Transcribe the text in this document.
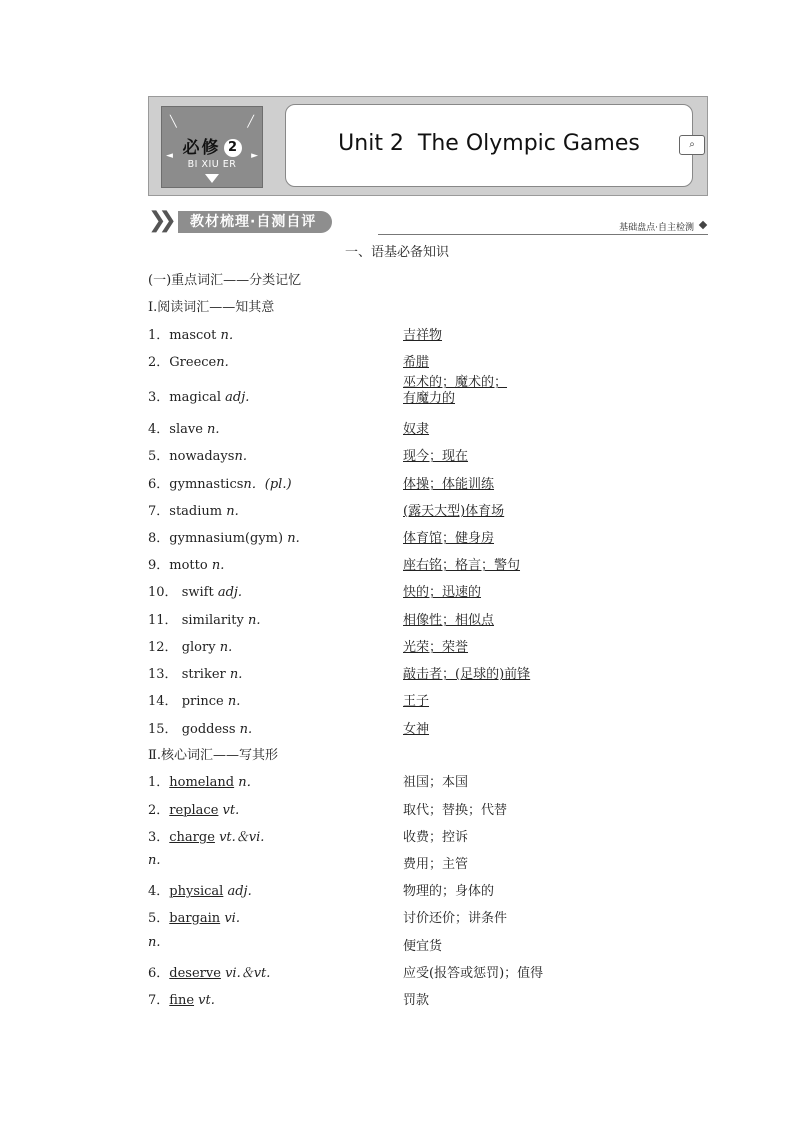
╲	╱
必修 2
◄	►
BI XIU ER
Unit 2  The Olympic Games	⌕
❯❯	教材梳理·自测自评	基础盘点·自主检测
一、语基必备知识
(一)重点词汇——分类记忆
Ⅰ.阅读词汇——知其意
1．mascot n．	吉祥物
2．Greecen.	希腊
3．magical adj.
巫术的；魔术的；
有魔力的
4．slave n.	奴隶
5．nowadaysn.	现今；现在
6．gymnasticsn．(pl.)	体操；体能训练
7．stadium n.	(露天大型)体育场
8．gymnasium(gym) n.	体育馆；健身房
9．motto n.	座右铭；格言；警句
10． swift adj.	快的；迅速的
11． similarity n.	相像性；相似点
12． glory n.	光荣；荣誉
13． striker n.	敲击者；(足球的)前锋
14． prince n.	王子
15． goddess n.	女神
Ⅱ.核心词汇——写其形
1．homeland n．	祖国；本国
2．replace vt.	取代；替换；代替
3．charge vt.＆vi.	收费；控诉
n.	费用；主管
4．physical adj.	物理的；身体的
5．bargain vi.	讨价还价；讲条件
n.	便宜货
6．deserve vi.＆vt.	应受(报答或惩罚)；值得
7．fine vt.	罚款
